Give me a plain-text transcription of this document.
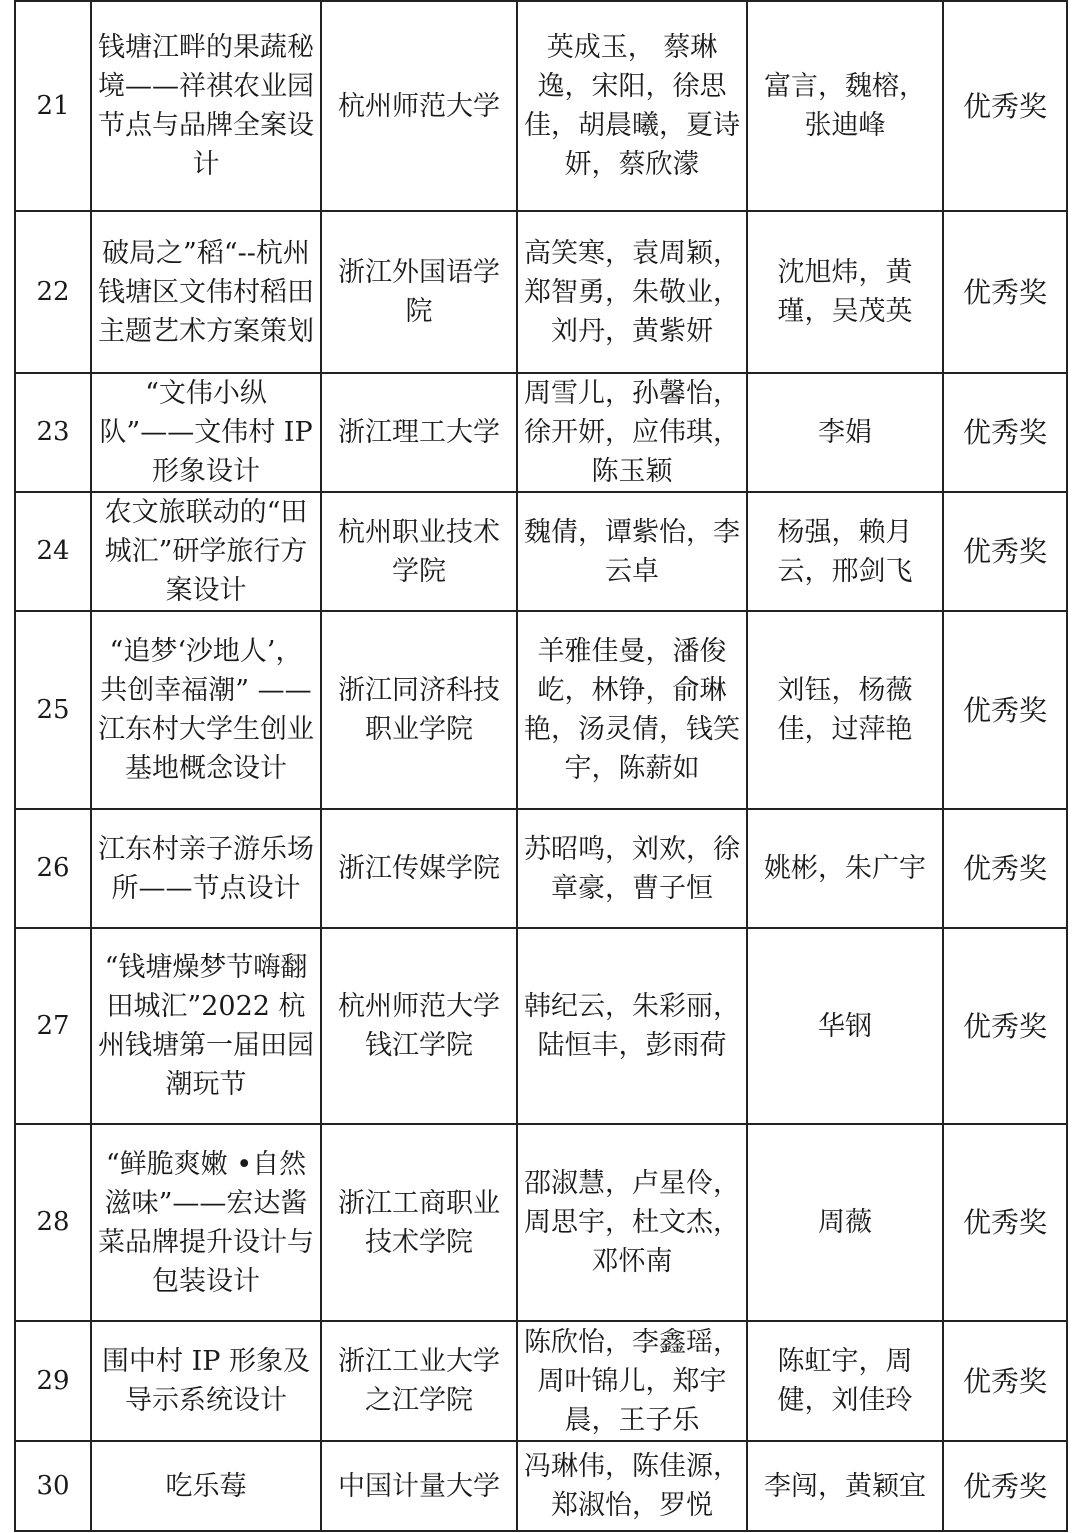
21	钱塘江畔的果蔬秘境——祥祺农业园节点与品牌全案设计	杭州师范大学	英成玉， 蔡琳逸，宋阳，徐思佳，胡晨曦，夏诗妍，蔡欣濛	富言，魏榕，张迪峰	优秀奖
22	破局之”稻“--杭州钱塘区文伟村稻田主题艺术方案策划	浙江外国语学院	高笑寒，袁周颖，郑智勇，朱敬业，刘丹，黄紫妍	沈旭炜，黄瑾，吴茂英	优秀奖
23	“文伟小纵队”——文伟村 IP 形象设计	浙江理工大学	周雪儿，孙馨怡，徐开妍，应伟琪，陈玉颖	李娟	优秀奖
24	农文旅联动的“田城汇”研学旅行方案设计	杭州职业技术学院	魏倩，谭紫怡，李云卓	杨强，赖月云，邢剑飞	优秀奖
25	“追梦‘沙地人’，共创幸福潮” ——江东村大学生创业基地概念设计	浙江同济科技职业学院	羊雅佳曼，潘俊屹，林铮，俞琳艳，汤灵倩，钱笑宇，陈薪如	刘钰，杨薇佳，过萍艳	优秀奖
26	江东村亲子游乐场所——节点设计	浙江传媒学院	苏昭鸣，刘欢，徐章豪，曹子恒	姚彬，朱广宇	优秀奖
27	“钱塘燥梦节嗨翻田城汇”2022 杭州钱塘第一届田园潮玩节	杭州师范大学钱江学院	韩纪云，朱彩丽，陆恒丰，彭雨荷	华钢	优秀奖
28	“鲜脆爽嫩 •自然滋味”——宏达酱菜品牌提升设计与包装设计	浙江工商职业技术学院	邵淑慧，卢星伶，周思宇，杜文杰，邓怀南	周薇	优秀奖
29	围中村 IP 形象及导示系统设计	浙江工业大学之江学院	陈欣怡，李鑫瑶，周叶锦儿，郑宇晨，王子乐	陈虹宇，周健，刘佳玲	优秀奖
30	吃乐莓	中国计量大学	冯琳伟，陈佳源，郑淑怡，罗悦	李闯，黄颖宜	优秀奖
